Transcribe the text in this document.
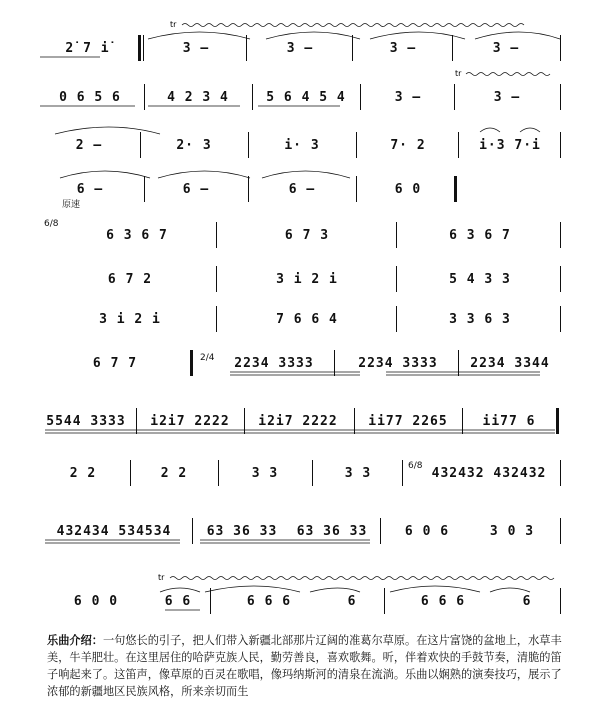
tr
2̇ 7 i̇	3 –	3 –	3 –	3 –
tr
0 6 5 6	4 2 3 4	5 6 4 5 4	3 –	3 –
2 –	2· 3	i· 3	7· 2	i·3 7·i
6 –	6 –	6 –	6 0
原速
6/8
6 3 6 7	6 7 3	6 3 6 7
6 7 2	3 i 2 i	5 4 3 3
3 i 2 i	7 6 6 4	3 3 6 3
6 7 7	2/4	2234 3333	2234 3333	2234 3344
5544 3333	i2i7 2222	i2i7 2222	ii77 2265	ii77 6
2 2	2 2	3 3	3 3	6/8 432432 432432
432434 534534	63 36 33	63 36 33	6 0 6	3 0 3
tr
6 0 0	6 6	6 6 6	6	6 6 6	6
乐曲介绍：一句悠长的引子，把人们带入新疆北部那片辽阔的准葛尔草原。在这片富饶的盆地上，水草丰美，牛羊肥壮。在这里居住的哈萨克族人民，勤劳善良，喜欢歌舞。听，伴着欢快的手鼓节奏，清脆的笛子响起来了。这笛声，像草原的百灵在歌唱，像玛纳斯河的清泉在流淌。乐曲以娴熟的演奏技巧，展示了浓郁的新疆地区民族风格，所来亲切而生
